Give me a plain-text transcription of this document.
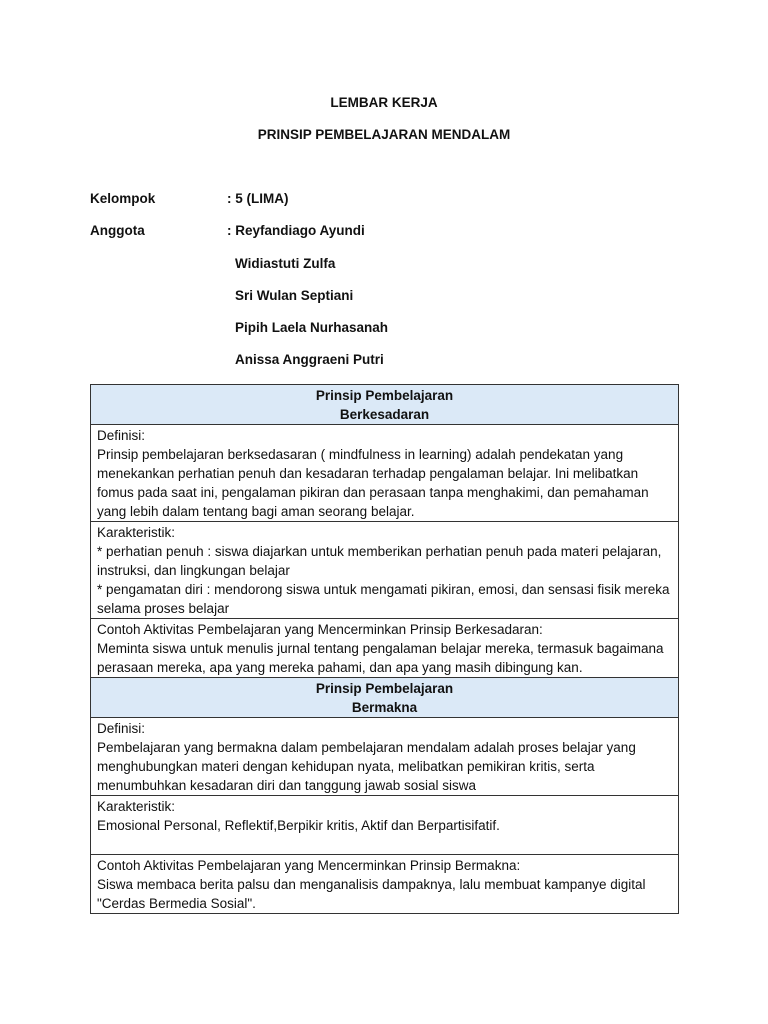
LEMBAR KERJA
PRINSIP PEMBELAJARAN MENDALAM
Kelompok	: 5 (LIMA)
Anggota	: Reyfandiago Ayundi
Widiastuti Zulfa
Sri Wulan Septiani
Pipih Laela Nurhasanah
Anissa Anggraeni Putri
Prinsip Pembelajaran
Berkesadaran

Definisi:
Prinsip pembelajaran berksedasaran ( mindfulness in learning) adalah pendekatan yang menekankan perhatian penuh dan kesadaran terhadap pengalaman belajar. Ini melibatkan fomus pada saat ini, pengalaman pikiran dan perasaan tanpa menghakimi, dan pemahaman yang lebih dalam tentang bagi aman seorang belajar.

Karakteristik:
* perhatian penuh : siswa diajarkan untuk memberikan perhatian penuh pada materi pelajaran, instruksi, dan lingkungan belajar
* pengamatan diri : mendorong siswa untuk mengamati pikiran, emosi, dan sensasi fisik mereka selama proses belajar

Contoh Aktivitas Pembelajaran yang Mencerminkan Prinsip Berkesadaran:
Meminta siswa untuk menulis jurnal tentang pengalaman belajar mereka, termasuk bagaimana perasaan mereka, apa yang mereka pahami, dan apa yang masih dibingung kan.

Prinsip Pembelajaran
Bermakna

Definisi:
Pembelajaran yang bermakna dalam pembelajaran mendalam adalah proses belajar yang menghubungkan materi dengan kehidupan nyata, melibatkan pemikiran kritis, serta menumbuhkan kesadaran diri dan tanggung jawab sosial siswa

Karakteristik:
Emosional Personal, Reflektif,Berpikir kritis, Aktif dan Berpartisifatif.

Contoh Aktivitas Pembelajaran yang Mencerminkan Prinsip Bermakna:
Siswa membaca berita palsu dan menganalisis dampaknya, lalu membuat kampanye digital "Cerdas Bermedia Sosial".
